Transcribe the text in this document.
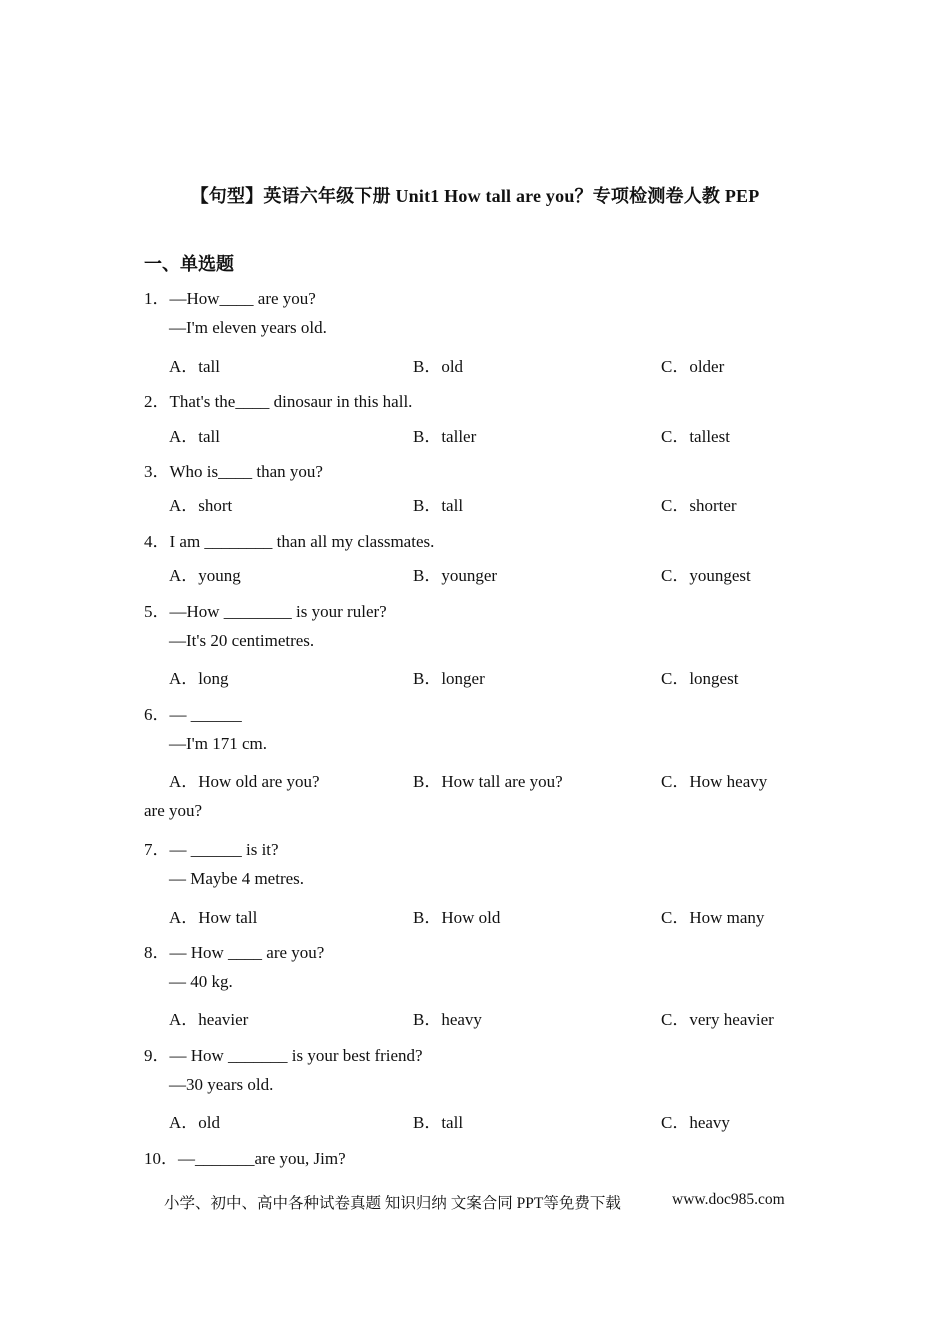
【句型】英语六年级下册 Unit1 How tall are you？专项检测卷人教 PEP
一、单选题
1．—How____ are you?
—I'm eleven years old.
A．tall	B．old	C．older
2．That's the____ dinosaur in this hall.
A．tall	B．taller	C．tallest
3．Who is____ than you?
A．short	B．tall	C．shorter
4．I am ________ than all my classmates.
A．young	B．younger	C．youngest
5．—How ________ is your ruler?
—It's 20 centimetres.
A．long	B．longer	C．longest
6．— ______
—I'm 171 cm.
A．How old are you?	B．How tall are you?	C．How heavy
are you?
7．— ______ is it?
— Maybe 4 metres.
A．How tall	B．How old	C．How many
8．— How ____ are you?
— 40 kg.
A．heavier	B．heavy	C．very heavier
9．— How _______ is your best friend?
—30 years old.
A．old	B．tall	C．heavy
10．—_______are you, Jim?
小学、初中、高中各种试卷真题 知识归纳 文案合同 PPT等免费下载	www.doc985.com
